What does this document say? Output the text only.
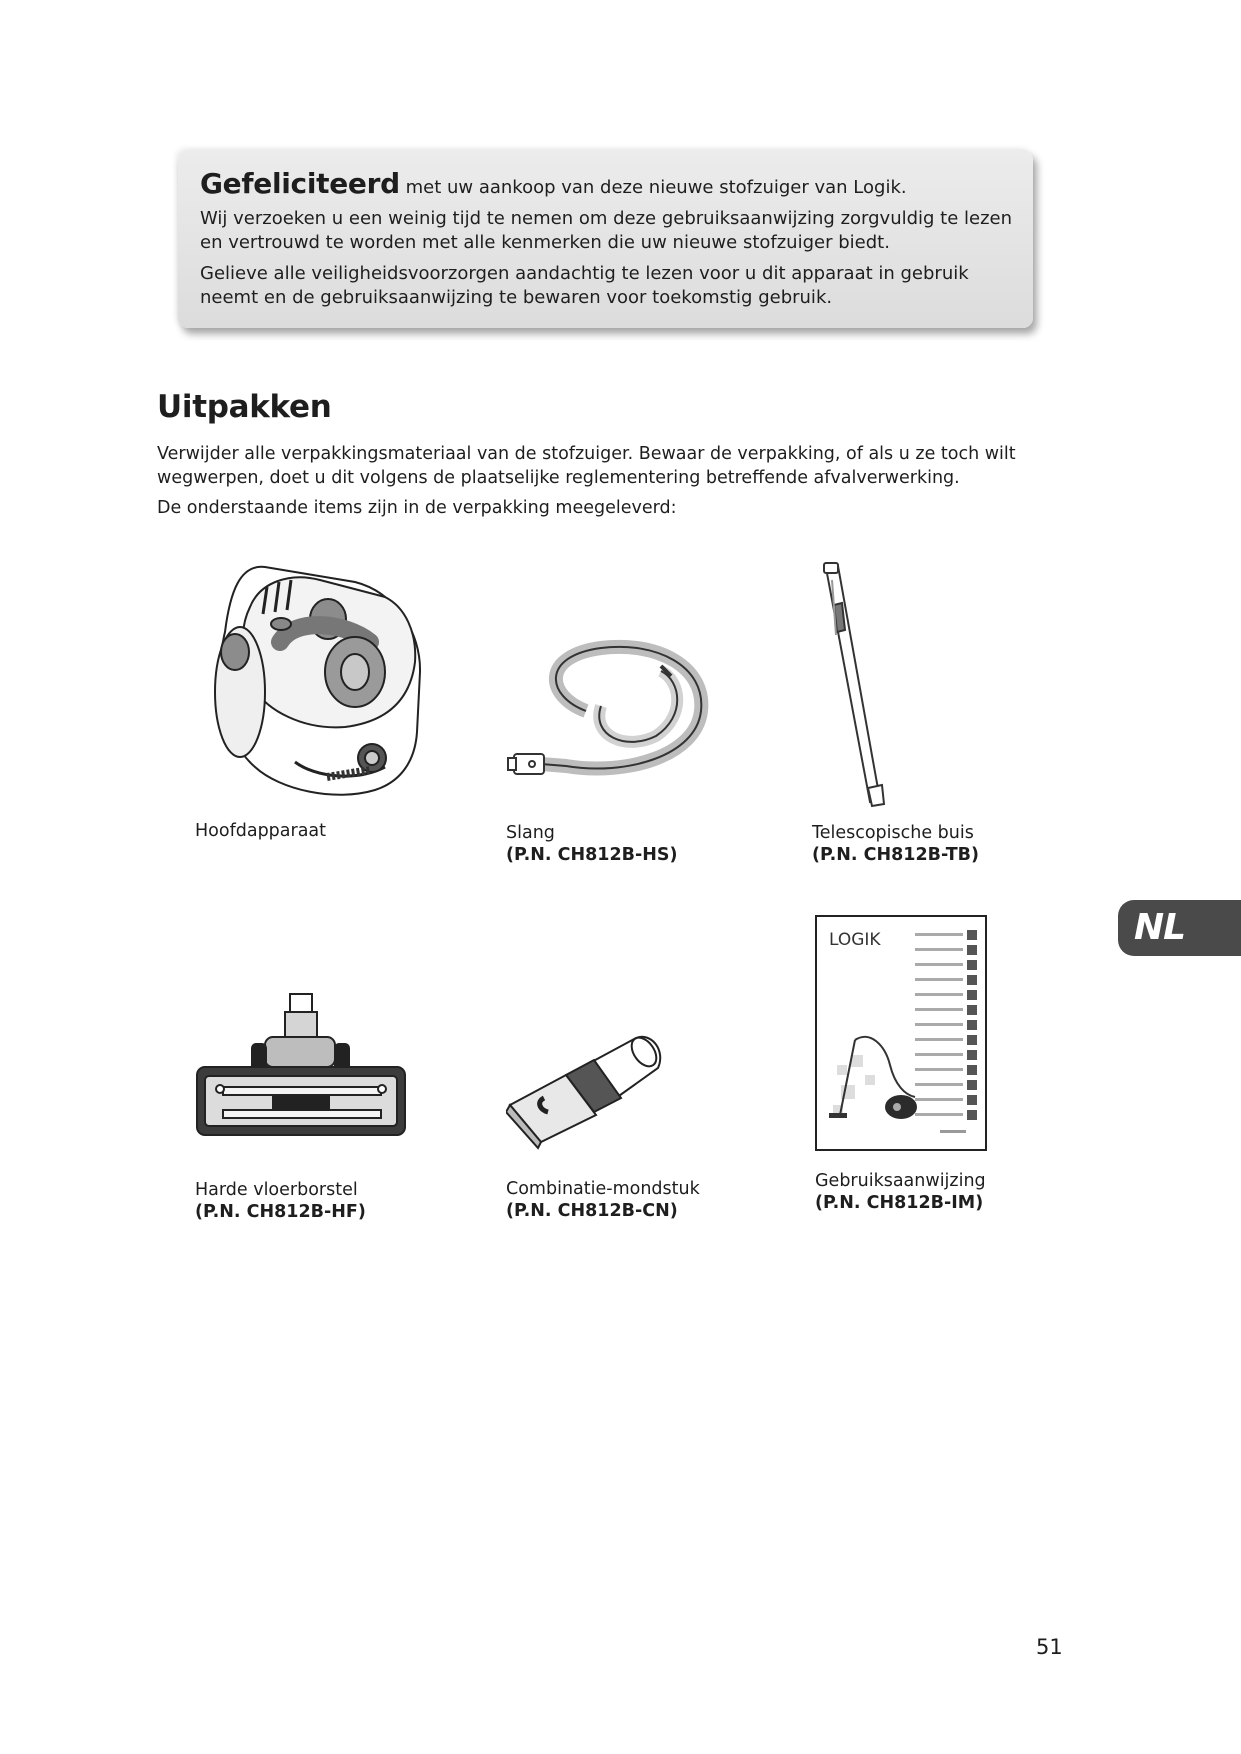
Gefeliciteerd met uw aankoop van deze nieuwe stofzuiger van Logik.

Wij verzoeken u een weinig tijd te nemen om deze gebruiksaanwijzing zorgvuldig te lezen en vertrouwd te worden met alle kenmerken die uw nieuwe stofzuiger biedt.

Gelieve alle veiligheidsvoorzorgen aandachtig te lezen voor u dit apparaat in gebruik neemt en de gebruiksaanwijzing te bewaren voor toekomstig gebruik.

Uitpakken

Verwijder alle verpakkingsmateriaal van de stofzuiger. Bewaar de verpakking, of als u ze toch wilt wegwerpen, doet u dit volgens de plaatselijke reglementering betreffende afvalverwerking.

De onderstaande items zijn in de verpakking meegeleverd:

Hoofdapparaat	Slang
(P.N. CH812B-HS)
Telescopische buis
(P.N. CH812B-TB)
Harde vloerborstel
(P.N. CH812B-HF)
Combinatie-mondstuk
(P.N. CH812B-CN)
LOGIK
Gebruiksaanwijzing
(P.N. CH812B-IM)
NL
51
